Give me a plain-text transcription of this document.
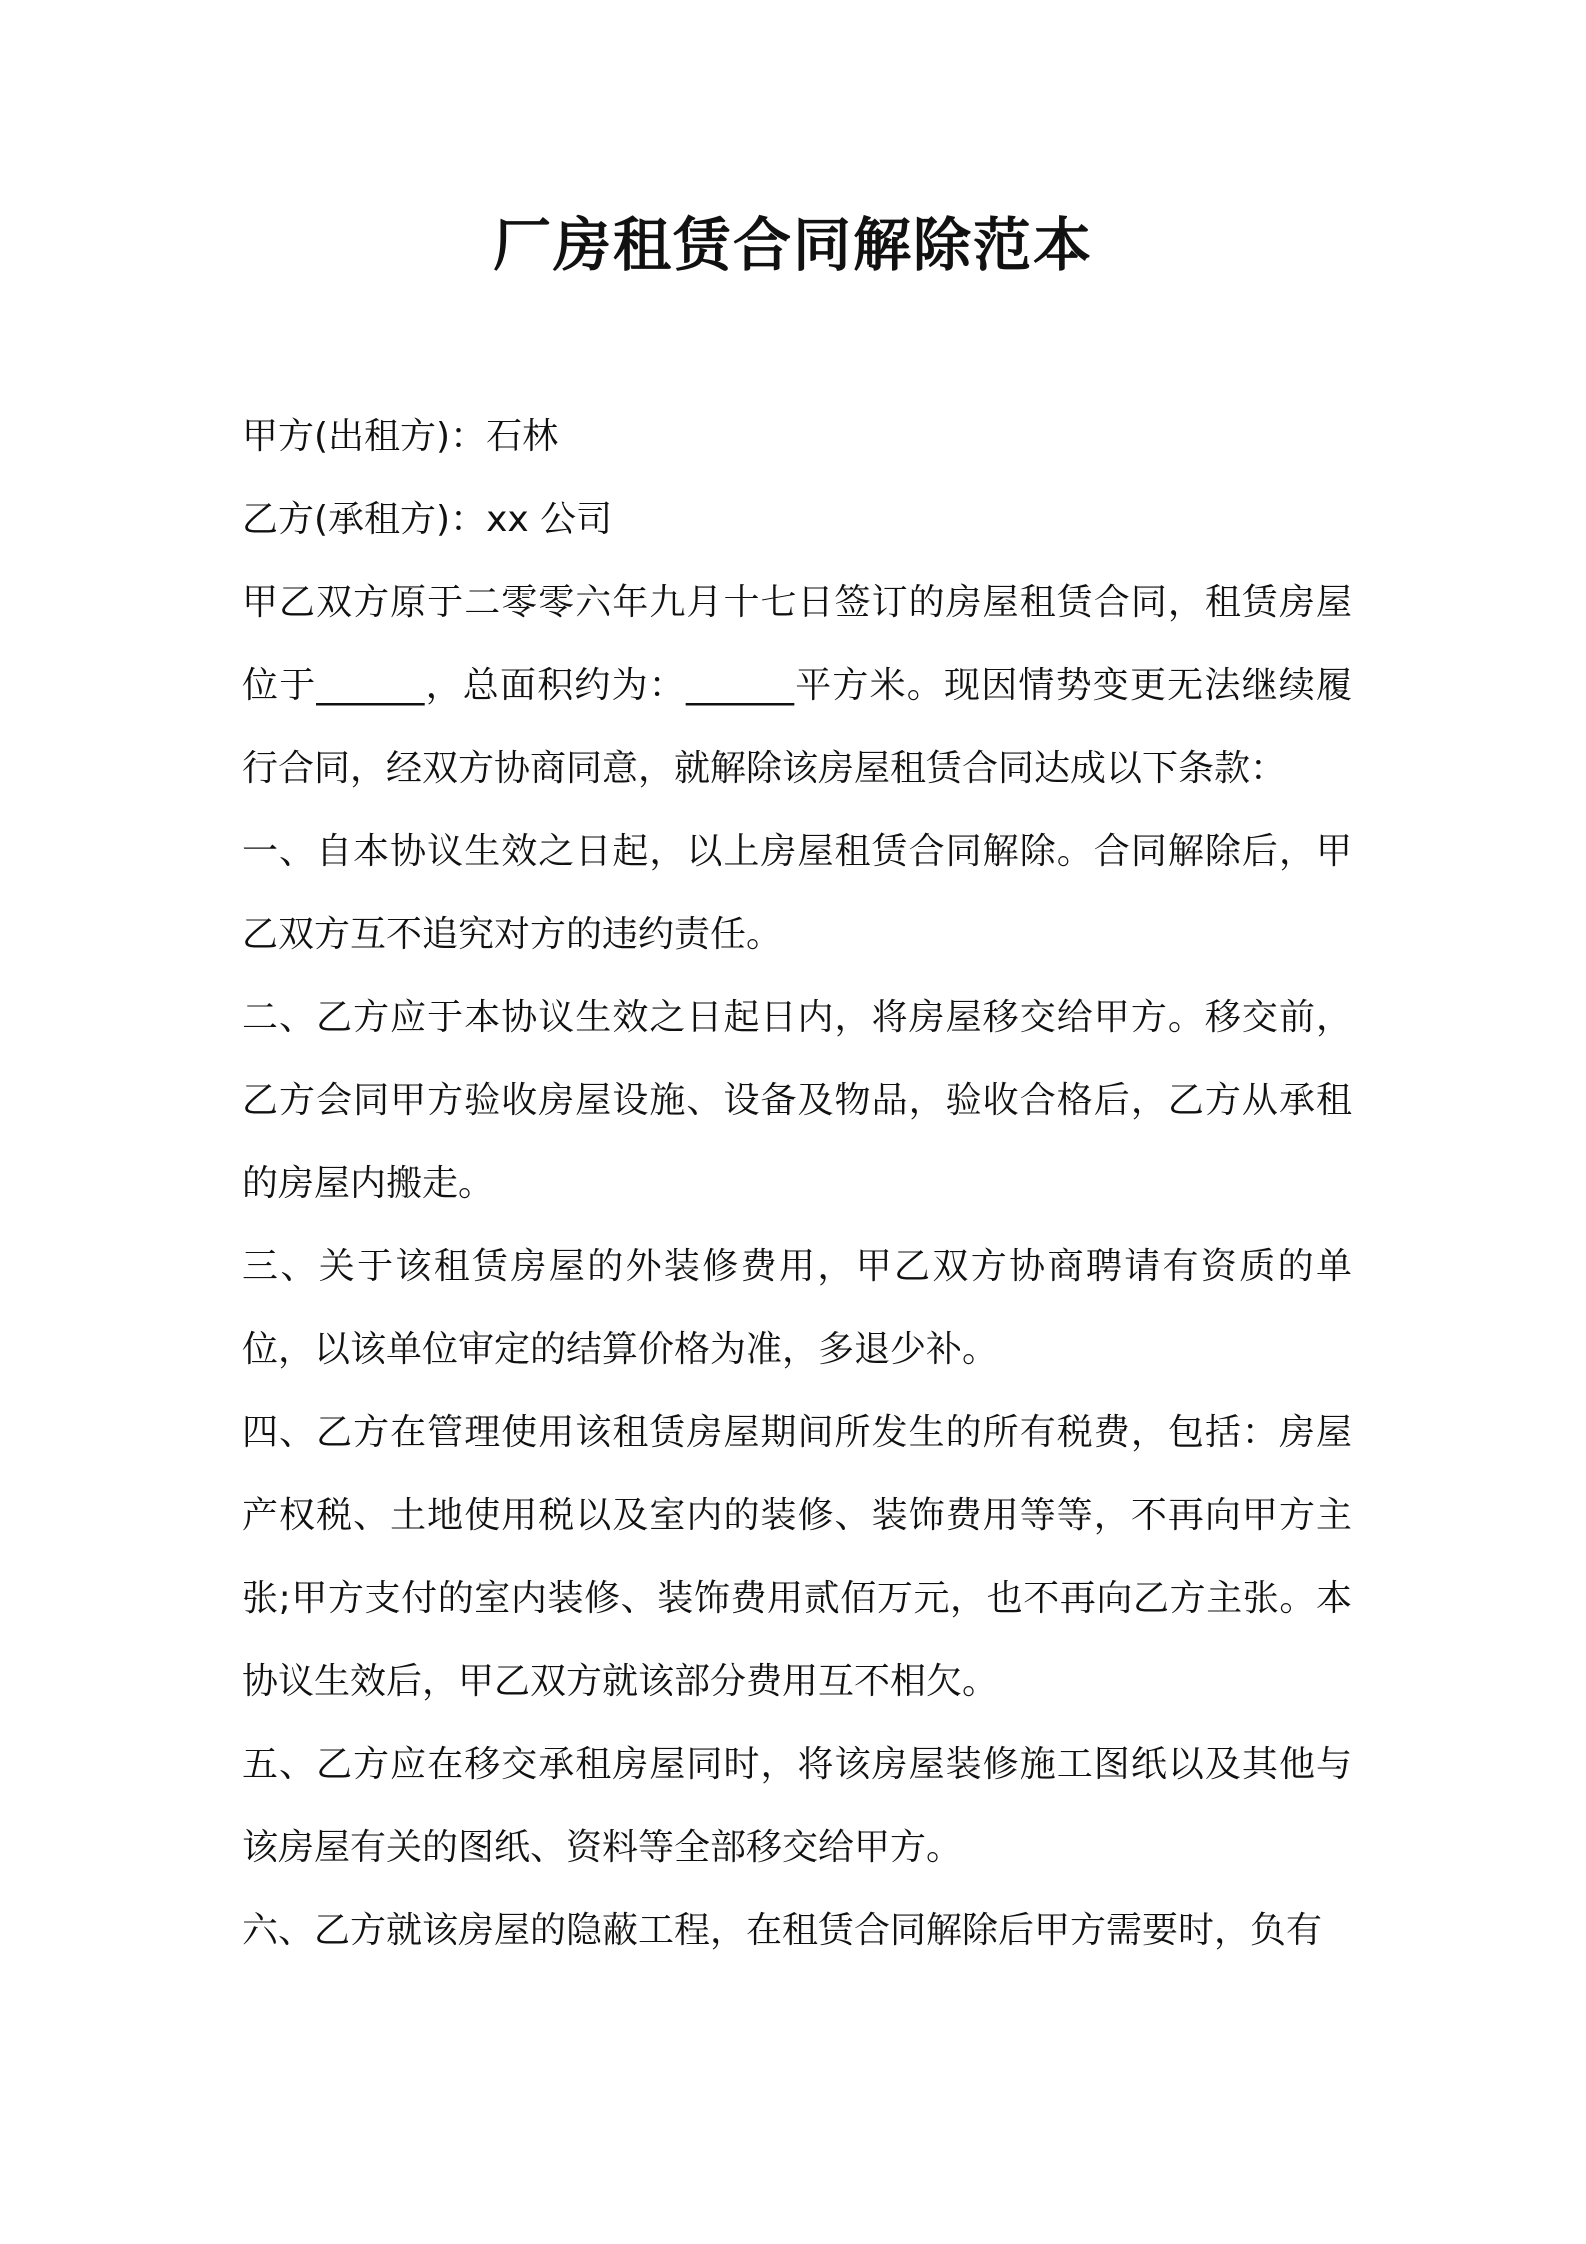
厂房租赁合同解除范本

甲方(出租方)：石林

乙方(承租方)：xx 公司

甲乙双方原于二零零六年九月十七日签订的房屋租赁合同，租赁房屋位于______，总面积约为：______平方米。现因情势变更无法继续履行合同，经双方协商同意，就解除该房屋租赁合同达成以下条款：

一、自本协议生效之日起，以上房屋租赁合同解除。合同解除后，甲乙双方互不追究对方的违约责任。

二、乙方应于本协议生效之日起日内，将房屋移交给甲方。移交前，乙方会同甲方验收房屋设施、设备及物品，验收合格后，乙方从承租的房屋内搬走。

三、关于该租赁房屋的外装修费用，甲乙双方协商聘请有资质的单位，以该单位审定的结算价格为准，多退少补。

四、乙方在管理使用该租赁房屋期间所发生的所有税费，包括：房屋产权税、土地使用税以及室内的装修、装饰费用等等，不再向甲方主张;甲方支付的室内装修、装饰费用贰佰万元，也不再向乙方主张。本协议生效后，甲乙双方就该部分费用互不相欠。

五、乙方应在移交承租房屋同时，将该房屋装修施工图纸以及其他与该房屋有关的图纸、资料等全部移交给甲方。

六、乙方就该房屋的隐蔽工程，在租赁合同解除后甲方需要时，负有
